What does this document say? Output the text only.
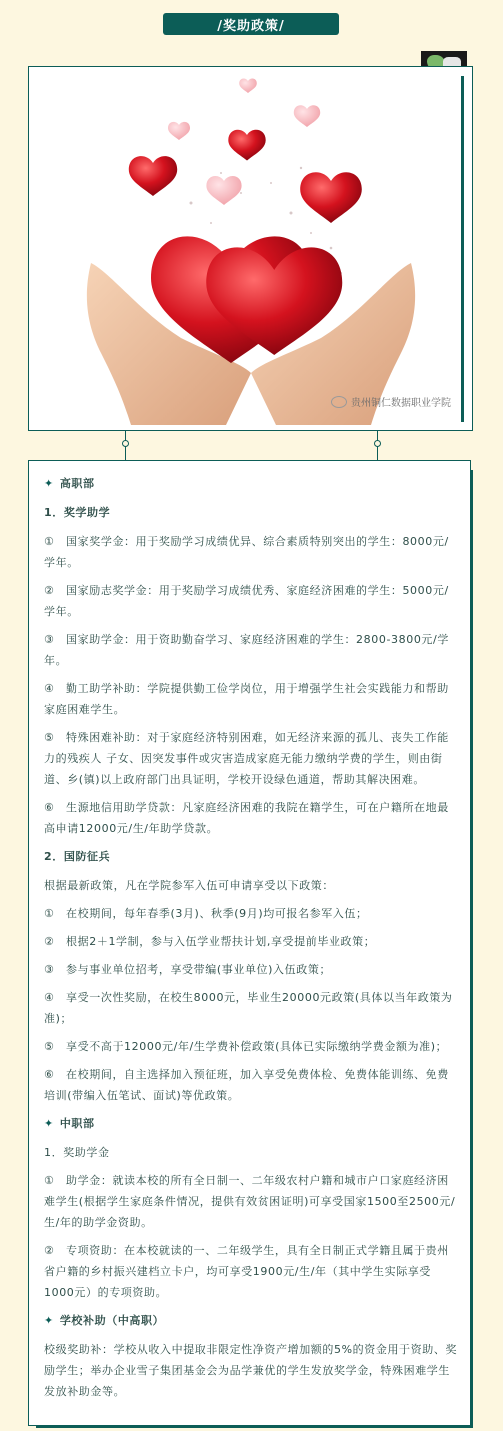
/奖助政策/
贵州铜仁数据职业学院

✦ 高职部

1．奖学助学

①　国家奖学金：用于奖励学习成绩优异、综合素质特别突出的学生：8000元/学年。

②　国家励志奖学金：用于奖励学习成绩优秀、家庭经济困难的学生：5000元/学年。

③　国家助学金：用于资助勤奋学习、家庭经济困难的学生：2800-3800元/学年。

④　勤工助学补助：学院提供勤工俭学岗位，用于增强学生社会实践能力和帮助家庭困难学生。

⑤　特殊困难补助：对于家庭经济特别困难，如无经济来源的孤儿、丧失工作能力的残疾人 子女、因突发事件或灾害造成家庭无能力缴纳学费的学生，则由街道、乡(镇)以上政府部门出具证明，学校开设绿色通道，帮助其解决困难。

⑥　生源地信用助学贷款：凡家庭经济困难的我院在籍学生，可在户籍所在地最高申请12000元/生/年助学贷款。

2．国防征兵

根据最新政策，凡在学院参军入伍可申请享受以下政策：

①　在校期间，每年春季(3月)、秋季(9月)均可报名参军入伍；

②　根据2＋1学制，参与入伍学业帮扶计划,享受提前毕业政策；

③　参与事业单位招考，享受带编(事业单位)入伍政策；

④　享受一次性奖励，在校生8000元，毕业生20000元政策(具体以当年政策为准)；

⑤　享受不高于12000元/年/生学费补偿政策(具体已实际缴纳学费金额为准)；

⑥　在校期间，自主选择加入预征班，加入享受免费体检、免费体能训练、免费培训(带编入伍笔试、面试)等优政策。

✦ 中职部

1．奖助学金

①　助学金：就读本校的所有全日制一、二年级农村户籍和城市户口家庭经济困难学生(根据学生家庭条件情况，提供有效贫困证明)可享受国家1500至2500元/生/年的助学金资助。

②　专项资助：在本校就读的一、二年级学生，具有全日制正式学籍且属于贵州省户籍的乡村振兴建档立卡户，均可享受1900元/生/年（其中学生实际享受1000元）的专项资助。

✦ 学校补助（中高职）

校级奖助补：学校从收入中提取非限定性净资产增加额的5%的资金用于资助、奖励学生；举办企业雪子集团基金会为品学兼优的学生发放奖学金，特殊困难学生发放补助金等。
